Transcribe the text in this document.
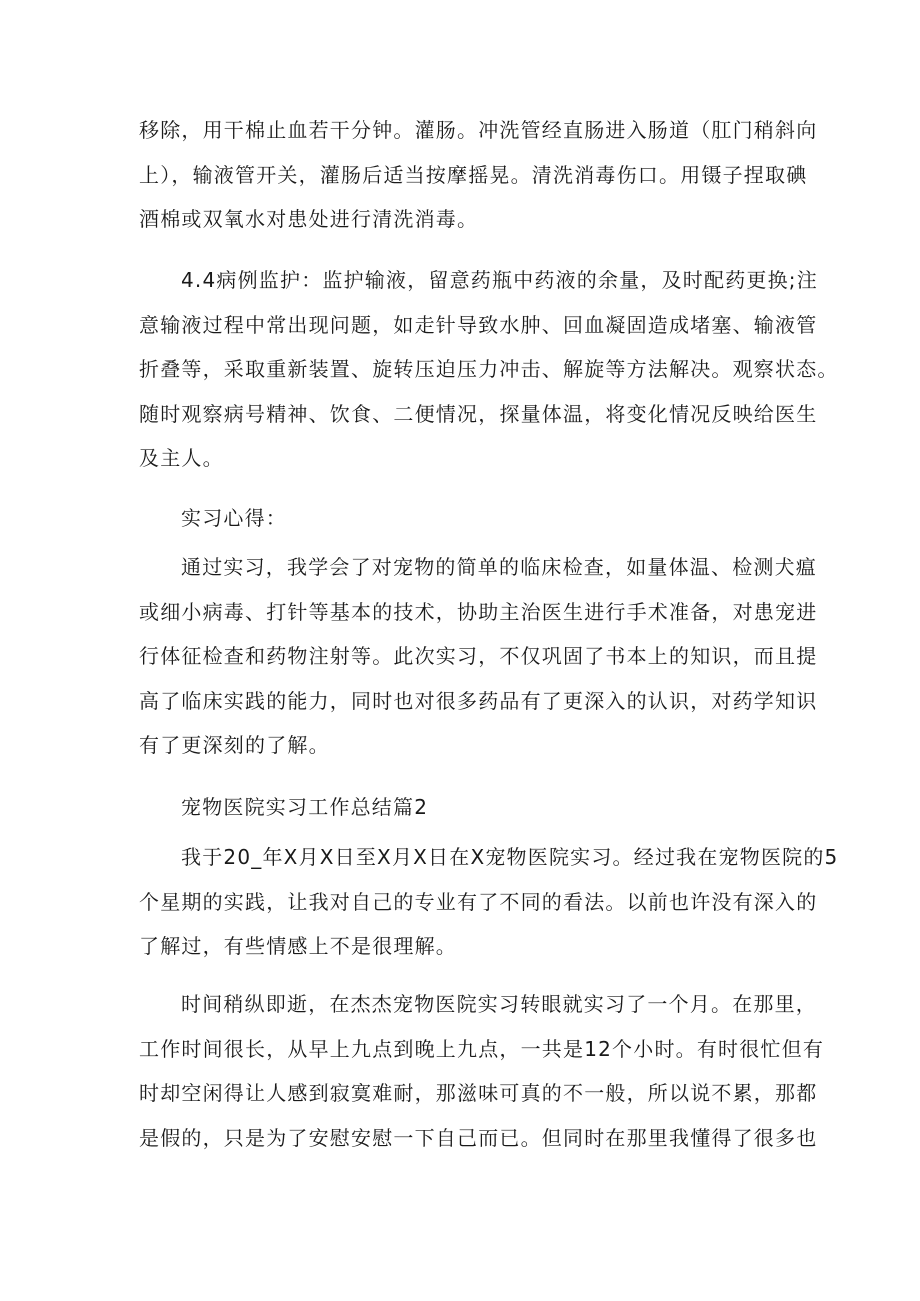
移除，用干棉止血若干分钟。灌肠。冲洗管经直肠进入肠道（肛门稍斜向
上），输液管开关，灌肠后适当按摩摇晃。清洗消毒伤口。用镊子捏取碘
酒棉或双氧水对患处进行清洗消毒。
4.4病例监护：监护输液，留意药瓶中药液的余量，及时配药更换;注
意输液过程中常出现问题，如走针导致水肿、回血凝固造成堵塞、输液管
折叠等，采取重新装置、旋转压迫压力冲击、解旋等方法解决。观察状态。
随时观察病号精神、饮食、二便情况，探量体温，将变化情况反映给医生
及主人。
实习心得：
通过实习，我学会了对宠物的简单的临床检查，如量体温、检测犬瘟
或细小病毒、打针等基本的技术，协助主治医生进行手术准备，对患宠进
行体征检查和药物注射等。此次实习，不仅巩固了书本上的知识，而且提
高了临床实践的能力，同时也对很多药品有了更深入的认识，对药学知识
有了更深刻的了解。
宠物医院实习工作总结篇2
我于20_年X月X日至X月X日在X宠物医院实习。经过我在宠物医院的5
个星期的实践，让我对自己的专业有了不同的看法。以前也许没有深入的
了解过，有些情感上不是很理解。
时间稍纵即逝，在杰杰宠物医院实习转眼就实习了一个月。在那里，
工作时间很长，从早上九点到晚上九点，一共是12个小时。有时很忙但有
时却空闲得让人感到寂寞难耐，那滋味可真的不一般，所以说不累，那都
是假的，只是为了安慰安慰一下自己而已。但同时在那里我懂得了很多也
